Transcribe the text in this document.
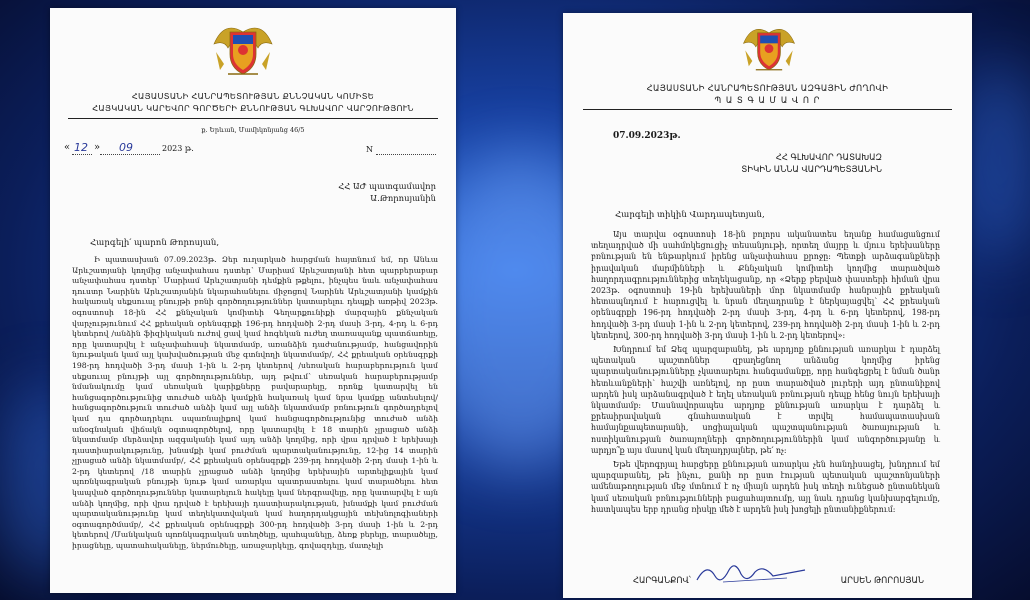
ՀԱՅԱՍՏԱՆԻ ՀԱՆՐԱՊԵՏՈՒԹՅԱՆ ՔՆՆՉԱԿԱՆ ԿՈՄԻՏԵ
ՀԱՅԿԱԿԱՆ ԿԱՐԵՎՈՐ ԳՈՐԾԵՐԻ ՔՆՆՈՒԹՅԱՆ ԳԼԽԱՎՈՐ ՎԱՐՉՈՒԹՅՈՒՆ
ք. Երևան, Մամիկոնյանց 46/5
« 12 » 09	2023 թ.	N
ՀՀ ԱԺ պատգամավոր
Ա.Թորոսյանին
Հարգելի՛ պարոն Թորոսյան,

Ի պատասխան 07.09.2023թ. Ձեր ուղարկած հարցման հայտնում եմ, որ Անևա Արևշատյանի կողմից անչափահաս դստեր՝ Մարիամ Արևշատյանի հետ պարբերաբար անչափահաս դստեր՝ Մարիամ Արևշատյանի դեմքին թքելու, ինչպես նաև անչափահաս դուստր Նարինե Արևշատյանին նկարահանելու միջոցով Նարինե Արևշատյանի կամքին հակառակ սեքսուալ բնույթի բռնի գործողություններ կատարելու դեպքի առթիվ 2023թ. օգոստոսի 18-ին ՀՀ քննչական կոմիտեի Գեղարքունիքի մարզային քննչական վարչությունում ՀՀ քրեական օրենսգրքի 196-րդ հոդվածի 2-րդ մասի 3-րդ, 4-րդ և 6-րդ կետերով /անձին ֆիզիկական ուժով ցավ կամ հոգեկան ուժեղ տառապանք պատճառելը, որը կատարվել է անչափահասի նկատմամբ, առանձին դաժանությամբ, հանցավորին նյութական կամ այլ կախվածության մեջ գտնվողի նկատմամբ/, ՀՀ քրեական օրենսգրքի 198-րդ հոդվածի 3-րդ մասի 1-ին և 2-րդ կետերով /սեռական հարաբերություն կամ սեքսուալ բնույթի այլ գործողություններ, այդ թվում՝ սեռական հարաբերությամբ նմանակումը կամ սեռական կարիքները բավարարելը, որոնք կատարվել են հանցագործությունից տուժած անձի կամքին հակառակ կամ նրա կամքը անտեսելով/ հանցագործություն տուժած անձի կամ այլ անձի նկատմամբ բռնություն գործադրելով կամ դա գործադրելու սպառնալիքով կամ հանցագործությունից տուժած անձի անօգնական վիճակն օգտագործելով, որը կատարվել է 18 տարին չլրացած անձի նկատմամբ մերձավոր ազգականի կամ այդ անձի կողմից, որի վրա դրված է երեխայի դաստիարակությունը, խնամքի կամ բուժման պարտականությունը, 12-ից 14 տարին չլրացած անձի նկատմամբ/, ՀՀ քրեական օրենսգրքի 239-րդ հոդվածի 2-րդ մասի 1-ին և 2-րդ կետերով /18 տարին չլրացած անձի կողմից երեխային արտելիքային կամ պոռնկագրական բնույթի նյութ կամ առարկա պատրաստելու կամ տարածելու հետ կապված գործողություններ կատարելուն հակելը կամ ներգրավելը, որը կատարվել է այն անձի կողմից, որի վրա դրված է երեխայի դաստիարակության, խնամքի կամ բուժման պարտականությունը կամ տեղեկատվական կամ հաղորդակցային տեխնոլոգիաների օգտագործմամբ/, ՀՀ քրեական օրենսգրքի 300-րդ հոդվածի 3-րդ մասի 1-ին և 2-րդ կետերով /Մանկական պոռնկագրական ստեղծելը, պահպանելը, ձեռք բերելը, տարածելը, իրացնելը, պատահականելը, ներմուծելը, առաջարկելը, գովազդելը, մատչելի

ՀԱՅԱՍՏԱՆԻ ՀԱՆՐԱՊԵՏՈՒԹՅԱՆ ԱԶԳԱՅԻՆ ԺՈՂՈՎԻ
Պ Ա Տ Գ Ա Մ Ա Վ Ո Ր
07.09.2023թ.
ՀՀ ԳԼԽԱՎՈՐ ԴԱՏԱԽԱԶ
ՏԻԿԻՆ ԱՆՆԱ ՎԱՐԴԱՊԵՏՅԱՆԻՆ
Հարգելի տիկին Վարդապետյան,

Այս տարվա օգոստոսի 18-ին բոլորս ականատես եղանք համացանցում տեղադրված մի սահմռկեցուցիչ տեսանյութի, որտեղ մայրը և մյուս երեխաները բռնության են ենթարկում իրենց անչափահաս քրոջը: Պետքի արձագանքների իրավական մարմինների և Քննչական կոմիտեի կողմից տարածված հաղորդագրություններից տեղեկացանք, որ «Ձերք բերված փաստերի հիման վրա 2023թ. օգոստոսի 19-ին երեխաների մոր նկատմամբ հանրային քրեական հետապնդում է հարուցվել և նրան մեղադրանք է ներկայացվել՝ ՀՀ քրեական օրենսգրքի 196-րդ հոդվածի 2-րդ մասի 3-րդ, 4-րդ և 6-րդ կետերով, 198-րդ հոդվածի 3-րդ մասի 1-ին և 2-րդ կետերով, 239-րդ հոդվածի 2-րդ մասի 1-ին և 2-րդ կետերով, 300-րդ հոդվածի 3-րդ մասի 1-ին և 2-րդ կետերով»:

Խնդրում եմ Ձեզ պարզաբանել, թե արդյոք քննության առարկա է դարձել պետական պաշտոններ զբաղեցնող անձանց կողմից իրենց պարտականությունները չկատարելու հանգամանքը, որը հանգեցրել է նման ծանր հետևանքների՝ հաշվի առնելով, որ ըստ տարածված լուրերի այդ ընտանիքով արդեն իսկ արձանագրված է եղել սեռական բռնության դեպք հենց նույն երեխայի նկատմամբ: Մասնավորապես արդյոք քննության առարկա է դարձել և քրեաիրավական գնահատական է տրվել համապատասխան համայնքապետարանի, սոցիալական պաշտպանության ծառայության և ոստիկանության ծառայողների գործողություններին կամ անգործությանը և արդյո՞ք այս մասով կան մեղադրյալներ, թե՛ ոչ:

Եթե վերոգրյալ հարցերը քննության առարկա չեն հանդիսացել, խնդրում եմ պարզաբանել, թե ինչու, քանի որ ըստ էության պետական պաշտոնյաների ամենաթողության մեջ մտնում է ոչ միայն արդեն իսկ տեղի ունեցած ընտանեկան կամ սեռական բռնությունների բացահայտումը, այլ նաև դրանց կանխարգելումը, հատկապես երբ դրանց ռիսկը մեծ է արդեն իսկ խոցելի ընտանիքներում:

ՀԱՐԳԱՆՔՈՎ՝	ԱՐՍԵՆ ԹՈՐՈՍՅԱՆ
